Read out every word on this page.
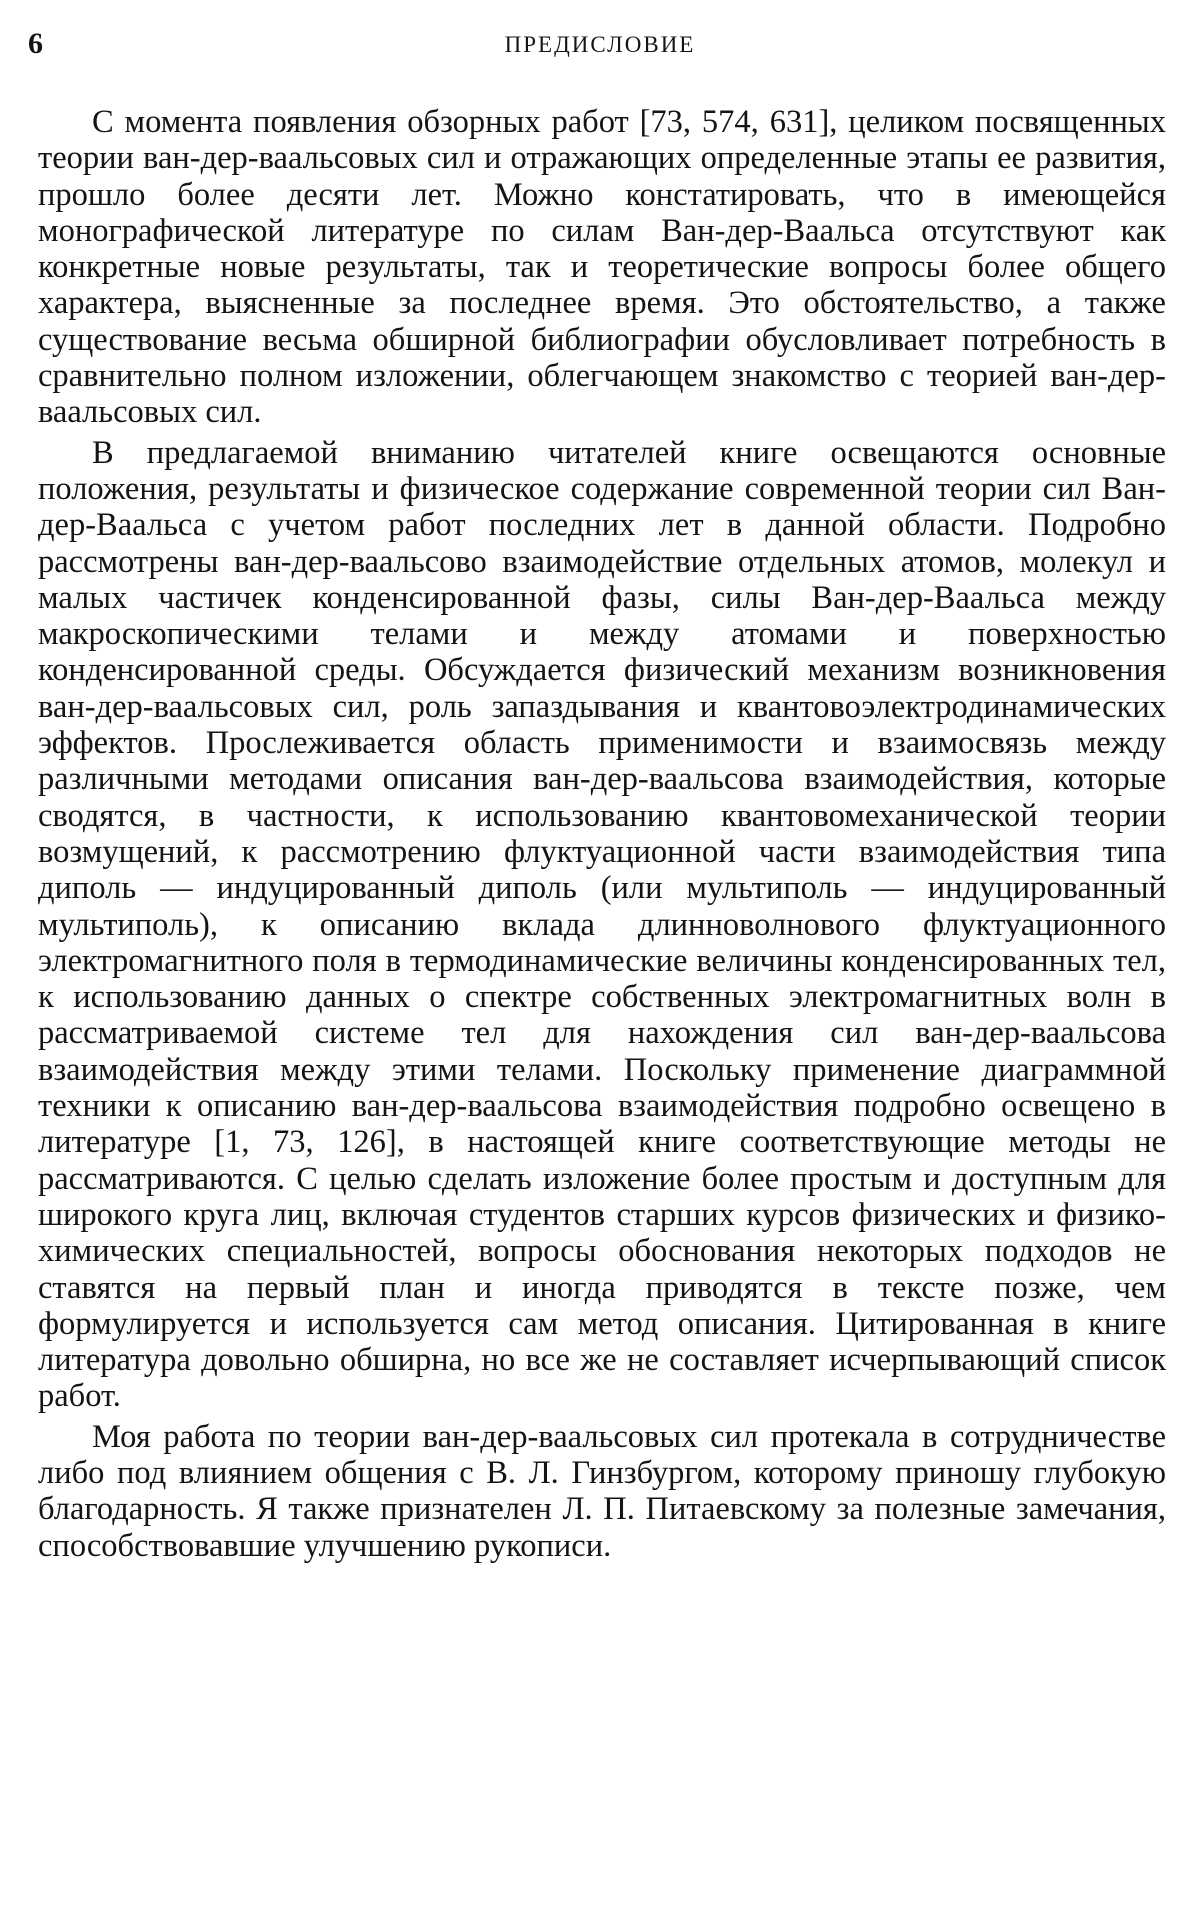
6	ПРЕДИСЛОВИЕ

С момента появления обзорных работ [73, 574, 631], целиком посвященных теории ван-дер-ваальсовых сил и отражающих определенные этапы ее развития, прошло более десяти лет. Можно констатировать, что в имеющейся монографической литературе по силам Ван-дер-Ваальса отсутствуют как конкретные новые результаты, так и теоретические вопросы более общего характера, выясненные за последнее время. Это обстоятельство, а также существование весьма обширной библиографии обусловливает потребность в сравнительно полном изложении, облегчающем знакомство с теорией ван-дер-ваальсовых сил.

В предлагаемой вниманию читателей книге освещаются основные положения, результаты и физическое содержание современной теории сил Ван-дер-Ваальса с учетом работ последних лет в данной области. Подробно рассмотрены ван-дер-ваальсово взаимодействие отдельных атомов, молекул и малых частичек конденсированной фазы, силы Ван-дер-Ваальса между макроскопическими телами и между атомами и поверхностью конденсированной среды. Обсуждается физический механизм возникновения ван-дер-ваальсовых сил, роль запаздывания и квантовоэлектродинамических эффектов. Прослеживается область применимости и взаимосвязь между различными методами описания ван-дер-ваальсова взаимодействия, которые сводятся, в частности, к использованию квантовомеханической теории возмущений, к рассмотрению флуктуационной части взаимодействия типа диполь — индуцированный диполь (или мультиполь — индуцированный мультиполь), к описанию вклада длинноволнового флуктуационного электромагнитного поля в термодинамические величины конденсированных тел, к использованию данных о спектре собственных электромагнитных волн в рассматриваемой системе тел для нахождения сил ван-дер-ваальсова взаимодействия между этими телами. Поскольку применение диаграммной техники к описанию ван-дер-ваальсова взаимодействия подробно освещено в литературе [1, 73, 126], в настоящей книге соответствующие методы не рассматриваются. С целью сделать изложение более простым и доступным для широкого круга лиц, включая студентов старших курсов физических и физико-химических специальностей, вопросы обоснования некоторых подходов не ставятся на первый план и иногда приводятся в тексте позже, чем формулируется и используется сам метод описания. Цитированная в книге литература довольно обширна, но все же не составляет исчерпывающий список работ.

Моя работа по теории ван-дер-ваальсовых сил протекала в сотрудничестве либо под влиянием общения с В. Л. Гинзбургом, которому приношу глубокую благодарность. Я также признателен Л. П. Питаевскому за полезные замечания, способствовавшие улучшению рукописи.
